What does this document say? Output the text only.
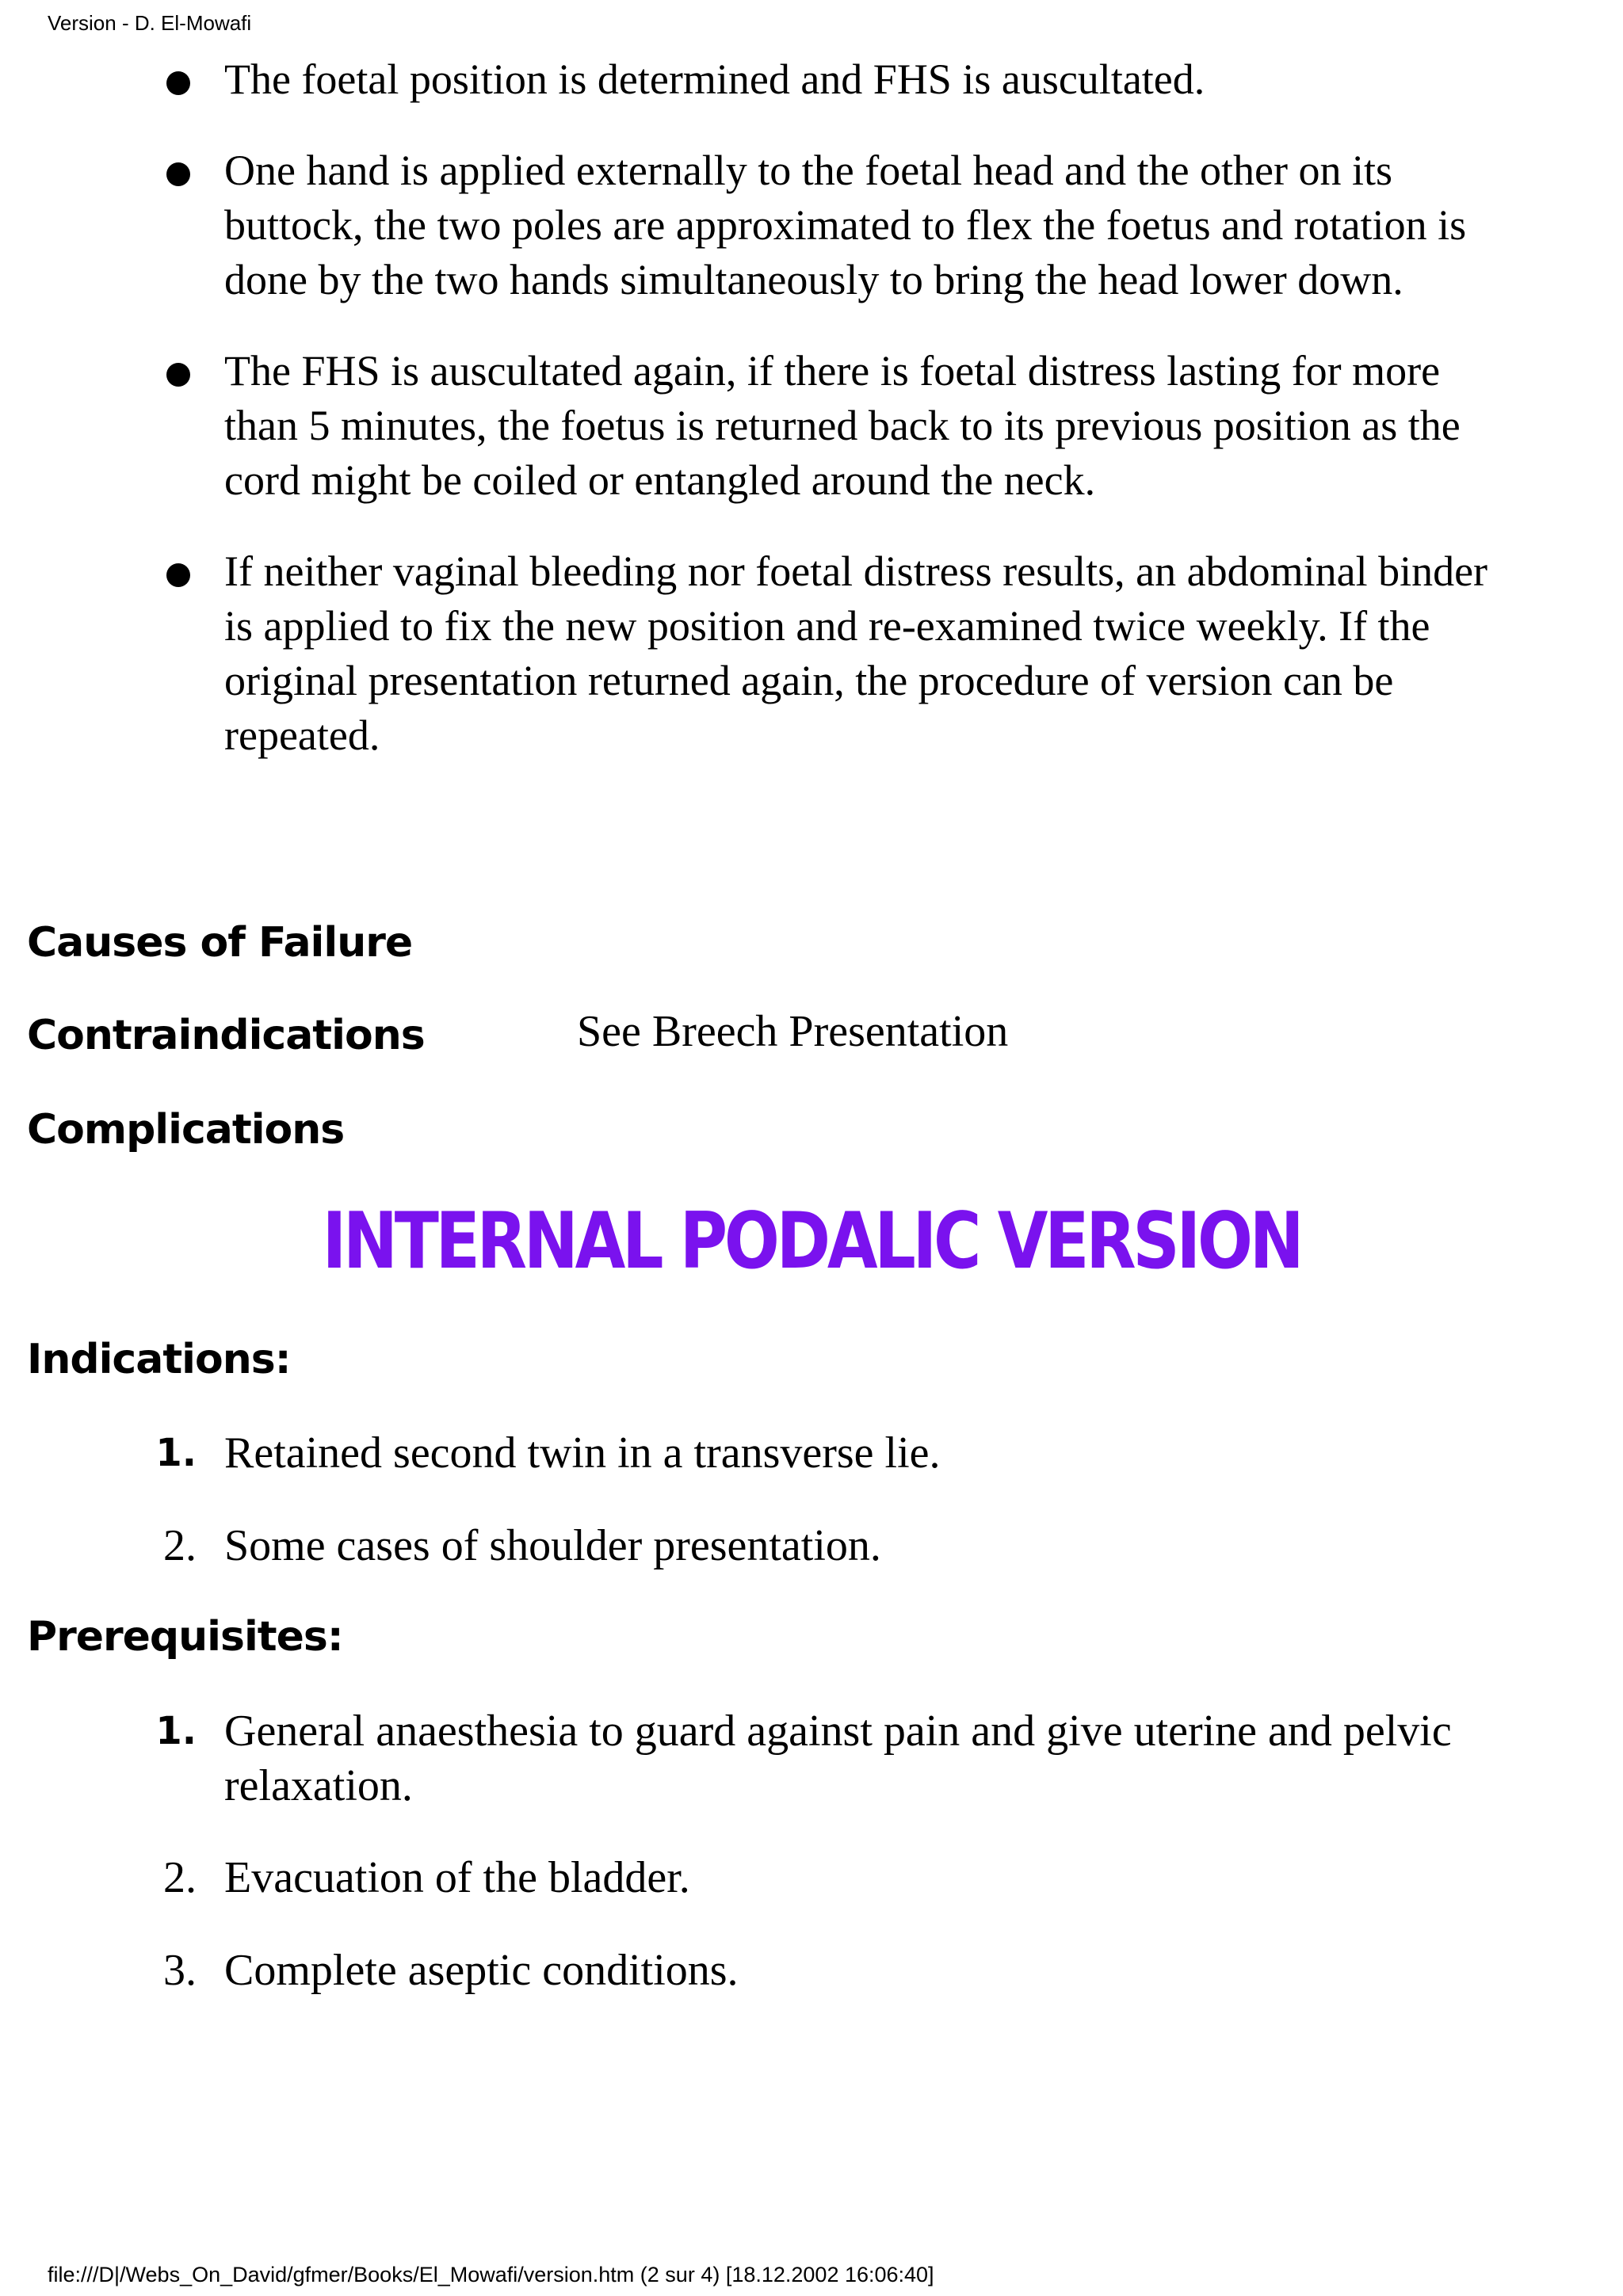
Version - D. El-Mowafi
The foetal position is determined and FHS is auscultated.
One hand is applied externally to the foetal head and the other on its buttock, the two poles are approximated to flex the foetus and rotation is done by the two hands simultaneously to bring the head lower down.
The FHS is auscultated again, if there is foetal distress lasting for more than 5 minutes, the foetus is returned back to its previous position as the cord might be coiled or entangled around the neck.
If neither vaginal bleeding nor foetal distress results, an abdominal binder is applied to fix the new position and re-examined twice weekly. If the original presentation returned again, the procedure of version can be repeated.
Causes of Failure
Contraindications	See Breech Presentation
Complications
INTERNAL PODALIC VERSION
Indications:
1. Retained second twin in a transverse lie.
2. Some cases of shoulder presentation.
Prerequisites:
1. General anaesthesia to guard against pain and give uterine and pelvic relaxation.
2. Evacuation of the bladder.
3. Complete aseptic conditions.
file:///D|/Webs_On_David/gfmer/Books/El_Mowafi/version.htm (2 sur 4) [18.12.2002 16:06:40]
